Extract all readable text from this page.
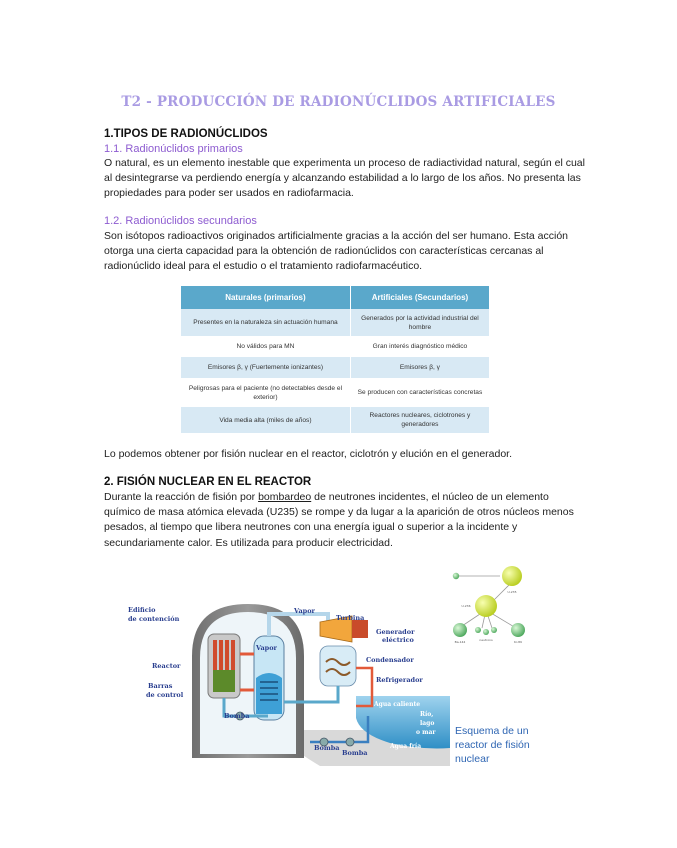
T2 - PRODUCCIÓN DE RADIONÚCLIDOS ARTIFICIALES
1.TIPOS DE RADIONÚCLIDOS
1.1. Radionúclidos primarios
O natural, es un elemento inestable que experimenta un proceso de radiactividad natural, según el cual
al desintegrarse va perdiendo energía y alcanzando estabilidad a lo largo de los años. No presenta las
propiedades para poder ser usados en radiofarmacia.
1.2. Radionúclidos secundarios
Son isótopos radioactivos originados artificialmente gracias a la acción del ser humano. Esta acción
otorga una cierta capacidad para la obtención de radionúclidos con características cercanas al
radionúclido ideal para el estudio o el tratamiento radiofarmacéutico.
Naturales (primarios)	Artificiales (Secundarios)
Presentes en la naturaleza sin actuación humana	Generados por la actividad industrial del hombre
No válidos para MN	Gran interés diagnóstico médico
Emisores β, γ (Fuertemente ionizantes)	Emisores β, γ
Peligrosas para el paciente (no detectables desde el exterior)	Se producen con características concretas
Vida media alta (miles de años)	Reactores nucleares, ciclotrones y generadores
Lo podemos obtener por fisión nuclear en el reactor, ciclotrón y elución en el generador.
2. FISIÓN NUCLEAR EN EL REACTOR
Durante la reacción de fisión por bombardeo de neutrones incidentes, el núcleo de un elemento
químico de masa atómica elevada (U235) se rompe y da lugar a la aparición de otros núcleos menos
pesados, al tiempo que libera neutrones con una energía igual o superior a la incidente y
secundariamente calor. Es utilizada para producir electricidad.
U-235
U-236
Ba-144	neutrons	Kr-89
Edificio
de contención
Vapor
Turbina
Vapor
Generador
eléctrico
Condensador
Refrigerador
Reactor
Barras
de control
Bomba
Agua caliente
Río,
lago
o mar
Bomba
Bomba
Agua fría
Esquema de un
reactor de fisión
nuclear
